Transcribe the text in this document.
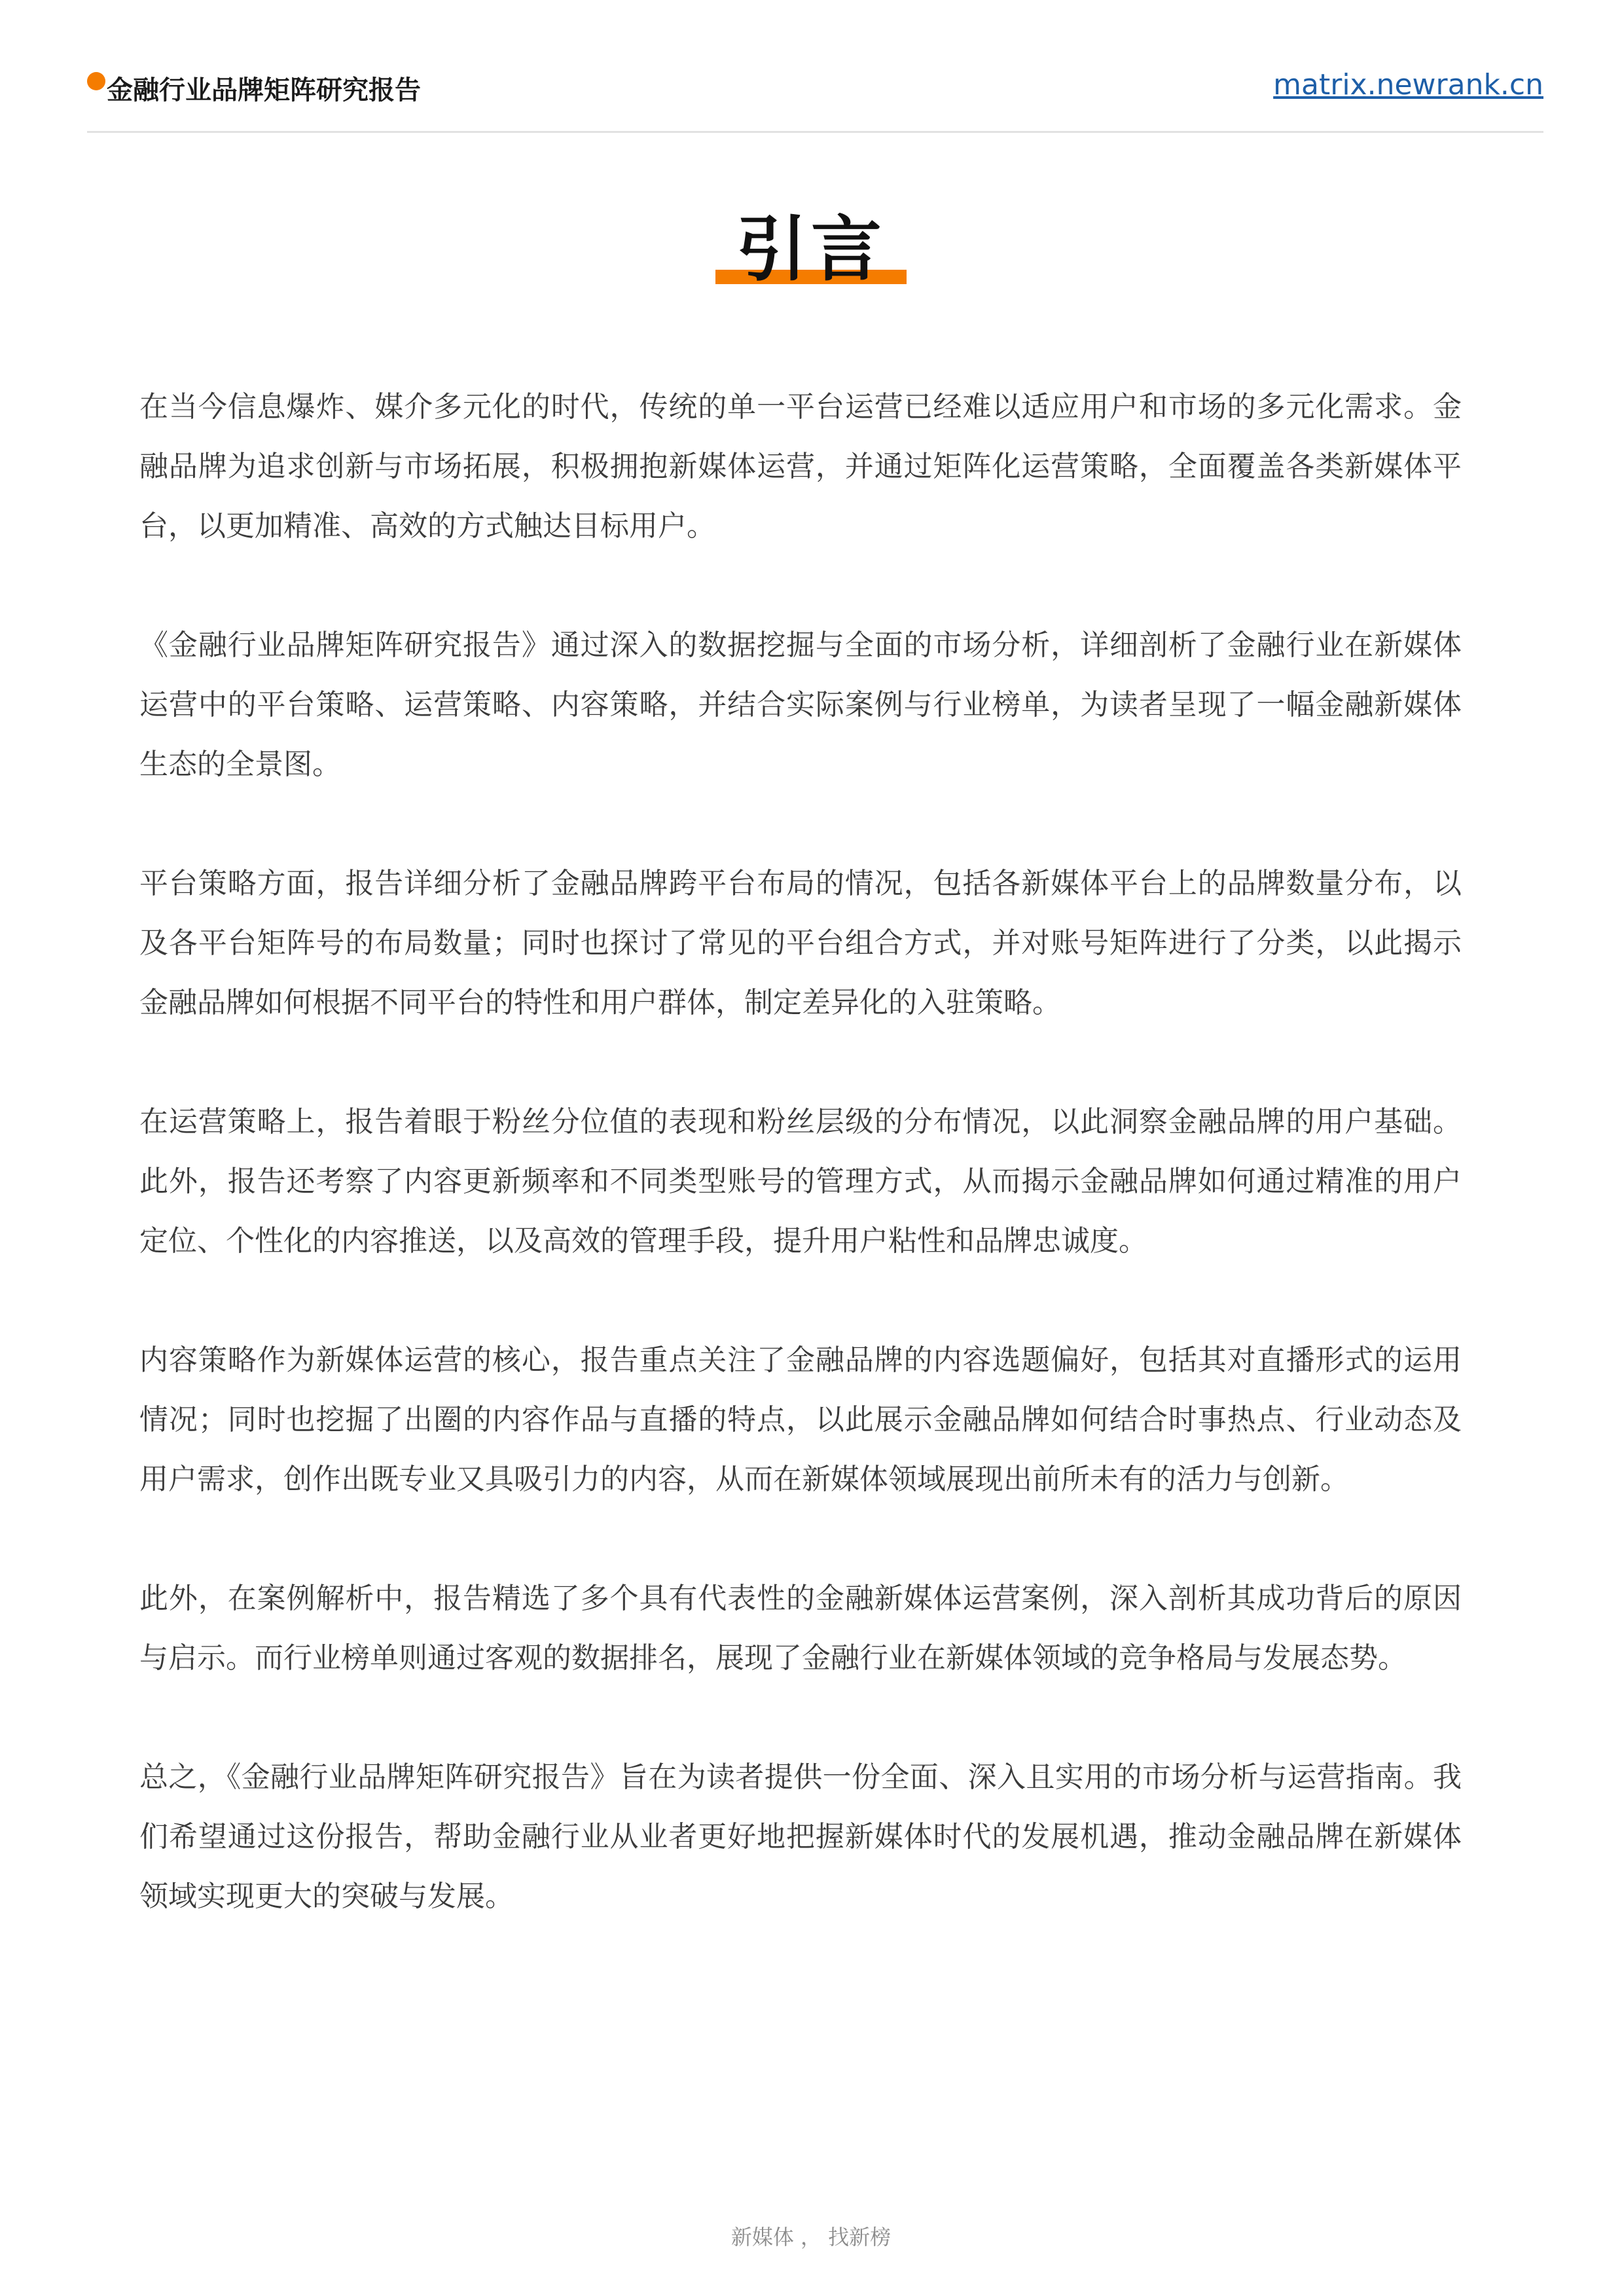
金融行业品牌矩阵研究报告	matrix.newrank.cn
引言

在当今信息爆炸、媒介多元化的时代，传统的单一平台运营已经难以适应用户和市场的多元化需求。金融品牌为追求创新与市场拓展，积极拥抱新媒体运营，并通过矩阵化运营策略，全面覆盖各类新媒体平台，以更加精准、高效的方式触达目标用户。

《金融行业品牌矩阵研究报告》通过深入的数据挖掘与全面的市场分析，详细剖析了金融行业在新媒体运营中的平台策略、运营策略、内容策略，并结合实际案例与行业榜单，为读者呈现了一幅金融新媒体生态的全景图。

平台策略方面，报告详细分析了金融品牌跨平台布局的情况，包括各新媒体平台上的品牌数量分布，以及各平台矩阵号的布局数量；同时也探讨了常见的平台组合方式，并对账号矩阵进行了分类，以此揭示金融品牌如何根据不同平台的特性和用户群体，制定差异化的入驻策略。

在运营策略上，报告着眼于粉丝分位值的表现和粉丝层级的分布情况，以此洞察金融品牌的用户基础。此外，报告还考察了内容更新频率和不同类型账号的管理方式，从而揭示金融品牌如何通过精准的用户定位、个性化的内容推送，以及高效的管理手段，提升用户粘性和品牌忠诚度。

内容策略作为新媒体运营的核心，报告重点关注了金融品牌的内容选题偏好，包括其对直播形式的运用情况；同时也挖掘了出圈的内容作品与直播的特点，以此展示金融品牌如何结合时事热点、行业动态及用户需求，创作出既专业又具吸引力的内容，从而在新媒体领域展现出前所未有的活力与创新。

此外，在案例解析中，报告精选了多个具有代表性的金融新媒体运营案例，深入剖析其成功背后的原因与启示。而行业榜单则通过客观的数据排名，展现了金融行业在新媒体领域的竞争格局与发展态势。

总之，《金融行业品牌矩阵研究报告》旨在为读者提供一份全面、深入且实用的市场分析与运营指南。我们希望通过这份报告，帮助金融行业从业者更好地把握新媒体时代的发展机遇，推动金融品牌在新媒体领域实现更大的突破与发展。

新媒体 ， 找新榜
